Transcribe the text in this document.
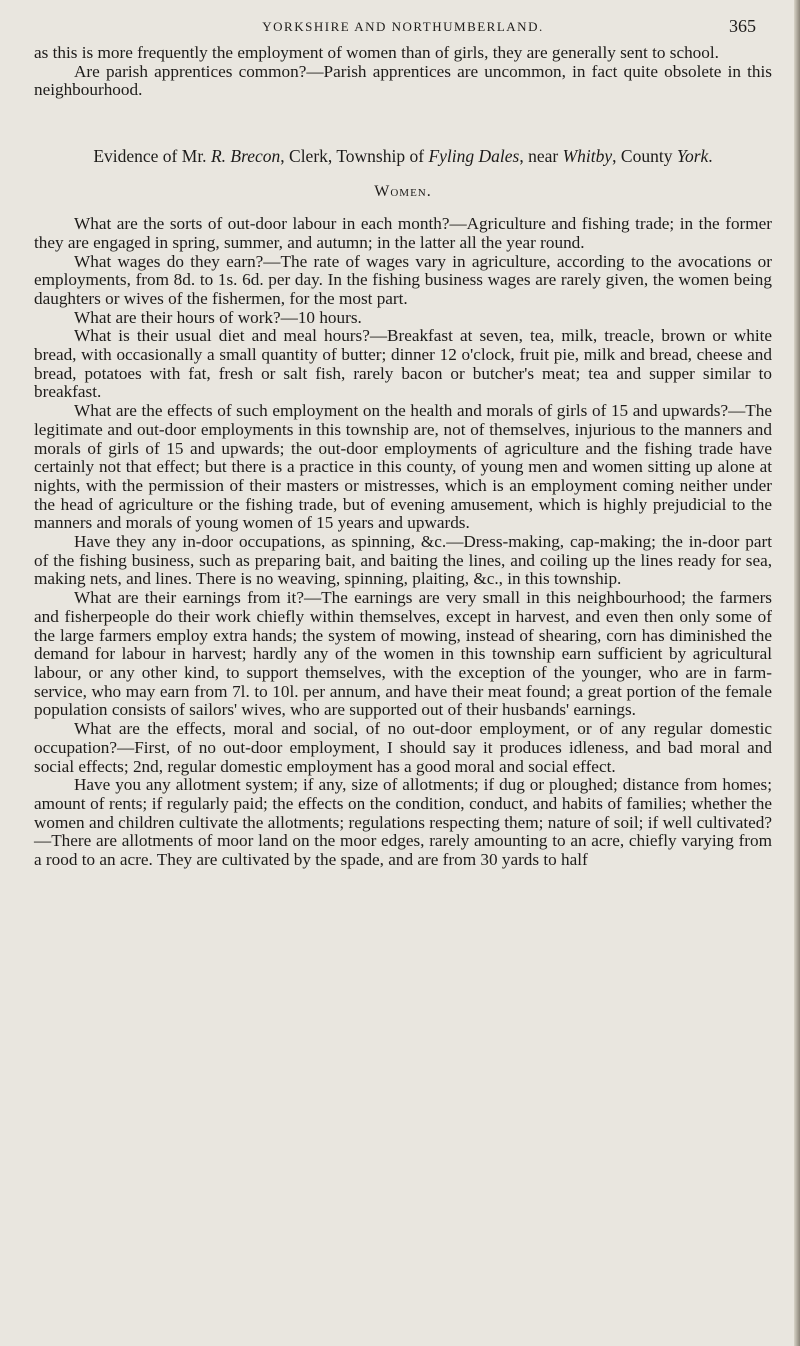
YORKSHIRE AND NORTHUMBERLAND.	365

as this is more frequently the employment of women than of girls, they are generally sent to school.

Are parish apprentices common?—Parish apprentices are uncommon, in fact quite obsolete in this neighbourhood.

Evidence of Mr. R. Brecon, Clerk, Township of Fyling Dales, near Whitby, County York.
Women.

What are the sorts of out-door labour in each month?—Agriculture and fishing trade; in the former they are engaged in spring, summer, and autumn; in the latter all the year round.

What wages do they earn?—The rate of wages vary in agriculture, according to the avocations or employments, from 8d. to 1s. 6d. per day. In the fishing business wages are rarely given, the women being daughters or wives of the fishermen, for the most part.

What are their hours of work?—10 hours.

What is their usual diet and meal hours?—Breakfast at seven, tea, milk, treacle, brown or white bread, with occasionally a small quantity of butter; dinner 12 o'clock, fruit pie, milk and bread, cheese and bread, potatoes with fat, fresh or salt fish, rarely bacon or butcher's meat; tea and supper similar to breakfast.

What are the effects of such employment on the health and morals of girls of 15 and upwards?—The legitimate and out-door employments in this township are, not of themselves, injurious to the manners and morals of girls of 15 and upwards; the out-door employments of agriculture and the fishing trade have certainly not that effect; but there is a practice in this county, of young men and women sitting up alone at nights, with the permission of their masters or mistresses, which is an employment coming neither under the head of agriculture or the fishing trade, but of evening amusement, which is highly prejudicial to the manners and morals of young women of 15 years and upwards.

Have they any in-door occupations, as spinning, &c.—Dress-making, cap-making; the in-door part of the fishing business, such as preparing bait, and baiting the lines, and coiling up the lines ready for sea, making nets, and lines. There is no weaving, spinning, plaiting, &c., in this township.

What are their earnings from it?—The earnings are very small in this neighbourhood; the farmers and fisherpeople do their work chiefly within themselves, except in harvest, and even then only some of the large farmers employ extra hands; the system of mowing, instead of shearing, corn has diminished the demand for labour in harvest; hardly any of the women in this township earn sufficient by agricultural labour, or any other kind, to support themselves, with the exception of the younger, who are in farm-service, who may earn from 7l. to 10l. per annum, and have their meat found; a great portion of the female population consists of sailors' wives, who are supported out of their husbands' earnings.

What are the effects, moral and social, of no out-door employment, or of any regular domestic occupation?—First, of no out-door employment, I should say it produces idleness, and bad moral and social effects; 2nd, regular domestic employment has a good moral and social effect.

Have you any allotment system; if any, size of allotments; if dug or ploughed; distance from homes; amount of rents; if regularly paid; the effects on the condition, conduct, and habits of families; whether the women and children cultivate the allotments; regulations respecting them; nature of soil; if well cultivated?—There are allotments of moor land on the moor edges, rarely amounting to an acre, chiefly varying from a rood to an acre. They are cultivated by the spade, and are from 30 yards to half
